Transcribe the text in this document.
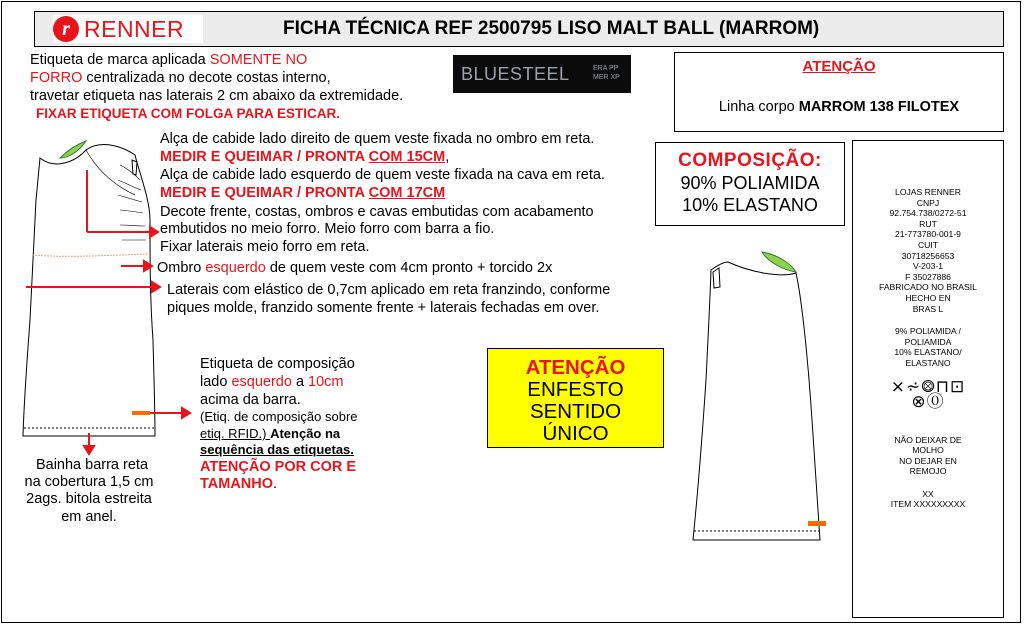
r RENNER	FICHA TÉCNICA REF 2500795 LISO MALT BALL (MARROM)
Etiqueta de marca aplicada SOMENTE NO
FORRO centralizada no decote costas interno,
travetar etiqueta nas laterais 2 cm abaixo da extremidade.
FIXAR ETIQUETA COM FOLGA PARA ESTICAR.
BLUESTEEL	ERA PP
MER XP
ATENÇÃO
Linha corpo MARROM 138 FILOTEX
Alça de cabide lado direito de quem veste fixada no ombro em reta.
MEDIR E QUEIMAR / PRONTA COM 15CM,
Alça de cabide lado esquerdo de quem veste fixada na cava em reta.
MEDIR E QUEIMAR / PRONTA COM 17CM
Decote frente, costas, ombros e cavas embutidas com acabamento
embutidos no meio forro. Meio forro com barra a fio.
Fixar laterais meio forro em reta.
Ombro esquerdo de quem veste com 4cm pronto + torcido 2x
Laterais com elástico de 0,7cm aplicado em reta franzindo, conforme
piques molde, franzido somente frente + laterais fechadas em over.
COMPOSIÇÃO:
90% POLIAMIDA
10% ELASTANO
LOJAS RENNER
CNPJ
92.754.738/0272-51
RUT
21-773780-001-9
CUIT
30718256653
V-203-1
F 35027886
FABRICADO NO BRASIL
HECHO EN
BRAS L
9% POLIAMIDA /
POLIAMIDA
10% ELASTANO/
ELASTANO
⨯⩫⨷⊓⊡
⊗⓪
NÃO DEIXAR DE
MOLHO
NO DEJAR EN
REMOJO
XX
ITEM XXXXXXXXX
Etiqueta de composição
lado esquerdo a 10cm
acima da barra.
(Etiq. de composição sobre
etiq. RFID.) Atenção na
sequência das etiquetas.
ATENÇÃO POR COR E
TAMANHO.
ATENÇÃO
ENFESTO
SENTIDO
ÚNICO
Bainha barra reta
na cobertura 1,5 cm
2ags. bitola estreita
em anel.
